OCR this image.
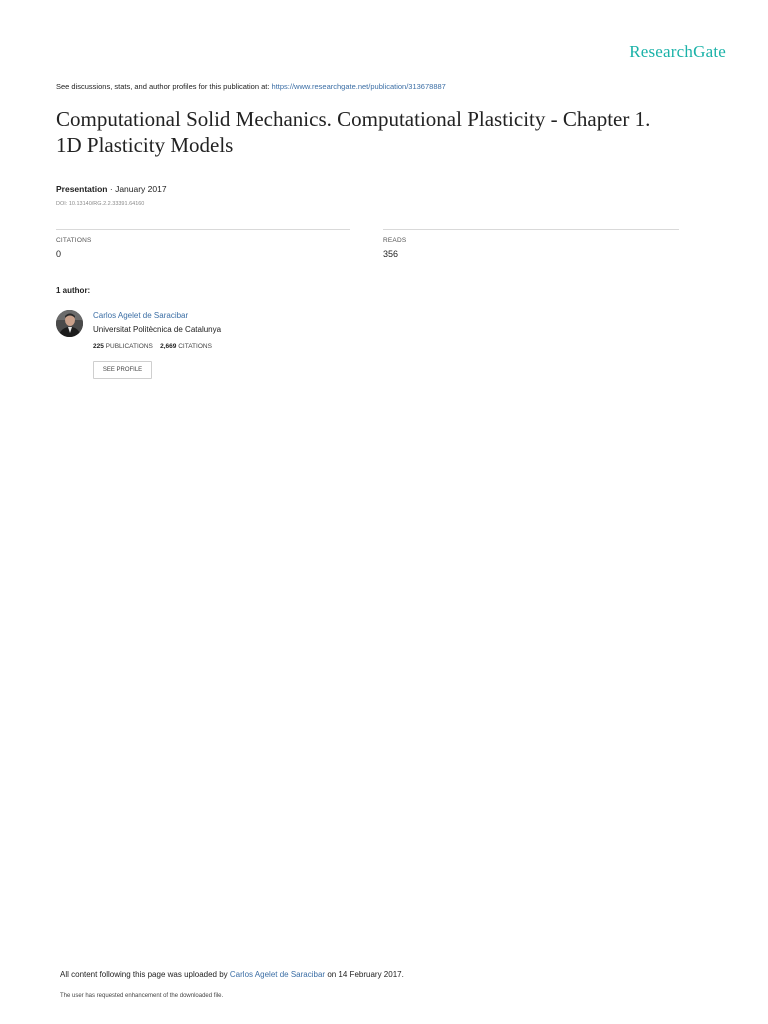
ResearchGate
See discussions, stats, and author profiles for this publication at: https://www.researchgate.net/publication/313678887
Computational Solid Mechanics. Computational Plasticity - Chapter 1.
1D Plasticity Models
Presentation · January 2017
DOI: 10.13140/RG.2.2.33391.64160
CITATIONS
0
READS
356
1 author:
Carlos Agelet de Saracibar
Universitat Politècnica de Catalunya
225 PUBLICATIONS 2,669 CITATIONS
SEE PROFILE
All content following this page was uploaded by Carlos Agelet de Saracibar on 14 February 2017.
The user has requested enhancement of the downloaded file.
